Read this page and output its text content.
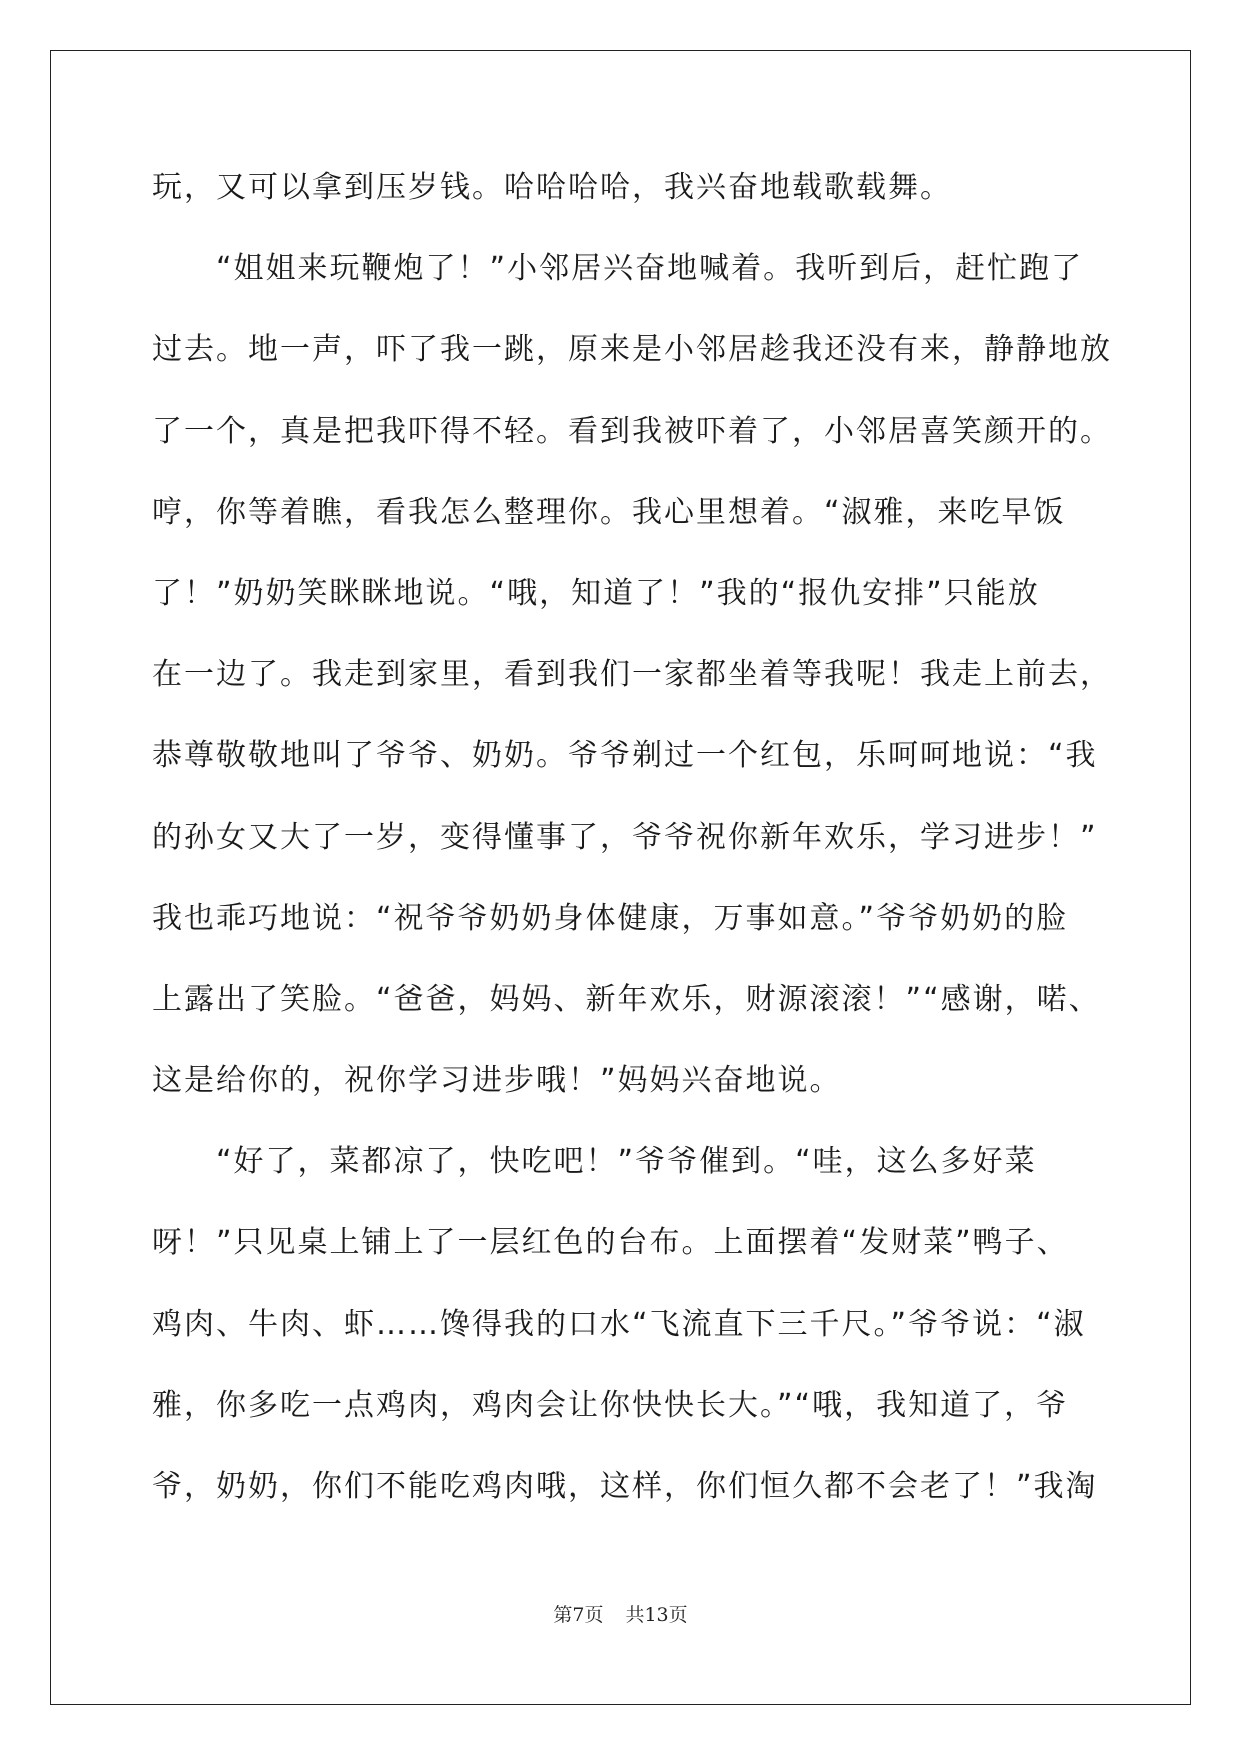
玩，又可以拿到压岁钱。哈哈哈哈，我兴奋地载歌载舞。
“姐姐来玩鞭炮了！”小邻居兴奋地喊着。我听到后，赶忙跑了
过去。地一声，吓了我一跳，原来是小邻居趁我还没有来，静静地放
了一个，真是把我吓得不轻。看到我被吓着了，小邻居喜笑颜开的。
哼，你等着瞧，看我怎么整理你。我心里想着。“淑雅，来吃早饭
了！”奶奶笑眯眯地说。“哦，知道了！”我的“报仇安排”只能放
在一边了。我走到家里，看到我们一家都坐着等我呢！我走上前去，
恭尊敬敬地叫了爷爷、奶奶。爷爷剃过一个红包，乐呵呵地说：“我
的孙女又大了一岁，变得懂事了，爷爷祝你新年欢乐，学习进步！”
我也乖巧地说：“祝爷爷奶奶身体健康，万事如意。”爷爷奶奶的脸
上露出了笑脸。“爸爸，妈妈、新年欢乐，财源滚滚！”“感谢，喏、
这是给你的，祝你学习进步哦！”妈妈兴奋地说。
“好了，菜都凉了，快吃吧！”爷爷催到。“哇，这么多好菜
呀！”只见桌上铺上了一层红色的台布。上面摆着“发财菜”鸭子、
鸡肉、牛肉、虾……馋得我的口水“飞流直下三千尺。”爷爷说：“淑
雅，你多吃一点鸡肉，鸡肉会让你快快长大。”“哦，我知道了，爷
爷，奶奶，你们不能吃鸡肉哦，这样，你们恒久都不会老了！”我淘
第7页 共13页
